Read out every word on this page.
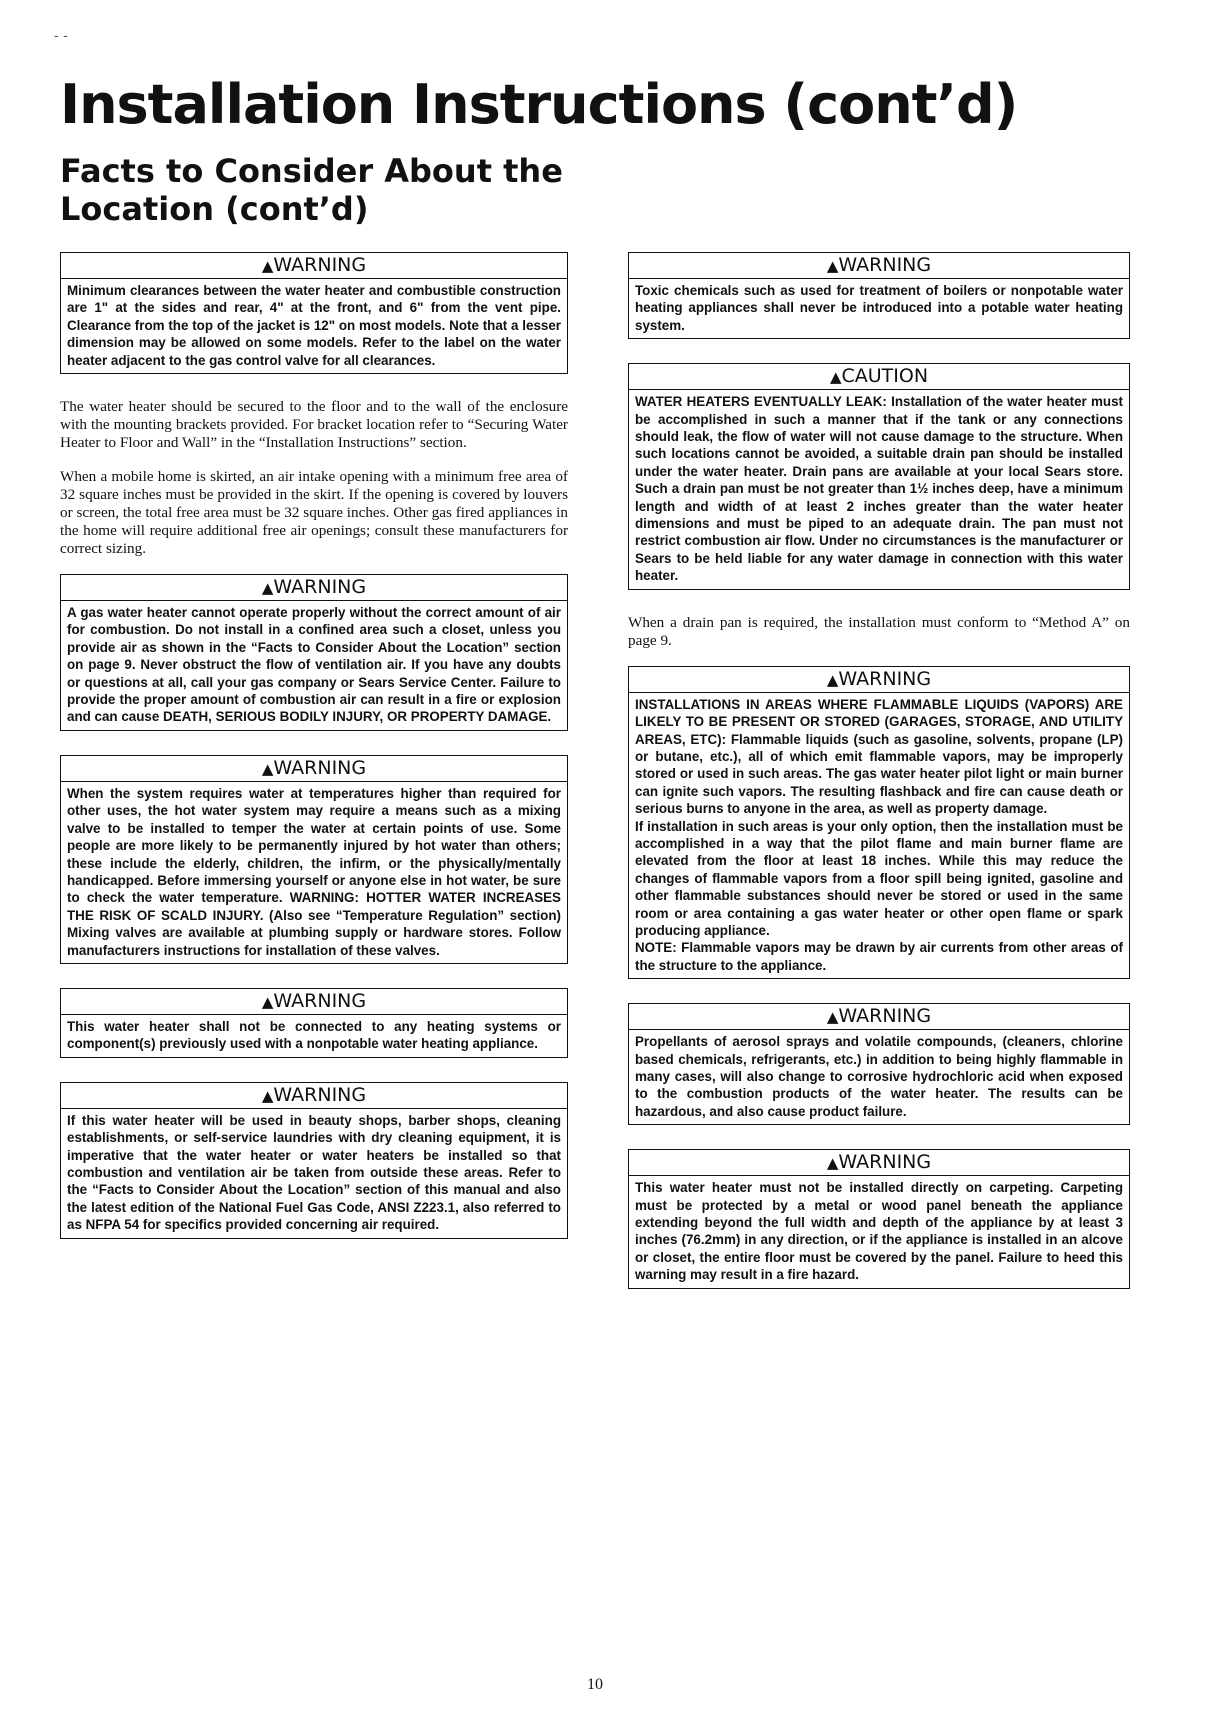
- -
Installation Instructions (cont’d)
Facts to Consider About the Location (cont’d)
▲WARNING

Minimum clearances between the water heater and combustible construction are 1" at the sides and rear, 4" at the front, and 6" from the vent pipe. Clearance from the top of the jacket is 12" on most models. Note that a lesser dimension may be allowed on some models. Refer to the label on the water heater adjacent to the gas control valve for all clearances.

The water heater should be secured to the floor and to the wall of the enclosure with the mounting brackets provided. For bracket location refer to “Securing Water Heater to Floor and Wall” in the “Installation Instructions” section.

When a mobile home is skirted, an air intake opening with a minimum free area of 32 square inches must be provided in the skirt. If the opening is covered by louvers or screen, the total free area must be 32 square inches. Other gas fired appliances in the home will require additional free air openings; consult these manufacturers for correct sizing.

▲WARNING

A gas water heater cannot operate properly without the correct amount of air for combustion. Do not install in a confined area such a closet, unless you provide air as shown in the “Facts to Consider About the Location” section on page 9. Never obstruct the flow of ventilation air. If you have any doubts or questions at all, call your gas company or Sears Service Center. Failure to provide the proper amount of combustion air can result in a fire or explosion and can cause DEATH, SERIOUS BODILY INJURY, OR PROPERTY DAMAGE.

▲WARNING

When the system requires water at temperatures higher than required for other uses, the hot water system may require a means such as a mixing valve to be installed to temper the water at certain points of use. Some people are more likely to be permanently injured by hot water than others; these include the elderly, children, the infirm, or the physically/mentally handicapped. Before immersing yourself or anyone else in hot water, be sure to check the water temperature. WARNING: HOTTER WATER INCREASES THE RISK OF SCALD INJURY. (Also see “Temperature Regulation” section) Mixing valves are available at plumbing supply or hardware stores. Follow manufacturers instructions for installation of these valves.

▲WARNING

This water heater shall not be connected to any heating systems or component(s) previously used with a nonpotable water heating appliance.

▲WARNING

If this water heater will be used in beauty shops, barber shops, cleaning establishments, or self-service laundries with dry cleaning equipment, it is imperative that the water heater or water heaters be installed so that combustion and ventilation air be taken from outside these areas. Refer to the “Facts to Consider About the Location” section of this manual and also the latest edition of the National Fuel Gas Code, ANSI Z223.1, also referred to as NFPA 54 for specifics provided concerning air required.

▲WARNING

Toxic chemicals such as used for treatment of boilers or nonpotable water heating appliances shall never be introduced into a potable water heating system.

▲CAUTION

WATER HEATERS EVENTUALLY LEAK: Installation of the water heater must be accomplished in such a manner that if the tank or any connections should leak, the flow of water will not cause damage to the structure. When such locations cannot be avoided, a suitable drain pan should be installed under the water heater. Drain pans are available at your local Sears store. Such a drain pan must be not greater than 1½ inches deep, have a minimum length and width of at least 2 inches greater than the water heater dimensions and must be piped to an adequate drain. The pan must not restrict combustion air flow. Under no circumstances is the manufacturer or Sears to be held liable for any water damage in connection with this water heater.

When a drain pan is required, the installation must conform to “Method A” on page 9.

▲WARNING

INSTALLATIONS IN AREAS WHERE FLAMMABLE LIQUIDS (VAPORS) ARE LIKELY TO BE PRESENT OR STORED (GARAGES, STORAGE, AND UTILITY AREAS, ETC): Flammable liquids (such as gasoline, solvents, propane (LP) or butane, etc.), all of which emit flammable vapors, may be improperly stored or used in such areas. The gas water heater pilot light or main burner can ignite such vapors. The resulting flashback and fire can cause death or serious burns to anyone in the area, as well as property damage.

If installation in such areas is your only option, then the installation must be accomplished in a way that the pilot flame and main burner flame are elevated from the floor at least 18 inches. While this may reduce the changes of flammable vapors from a floor spill being ignited, gasoline and other flammable substances should never be stored or used in the same room or area containing a gas water heater or other open flame or spark producing appliance.

NOTE: Flammable vapors may be drawn by air currents from other areas of the structure to the appliance.

▲WARNING

Propellants of aerosol sprays and volatile compounds, (cleaners, chlorine based chemicals, refrigerants, etc.) in addition to being highly flammable in many cases, will also change to corrosive hydrochloric acid when exposed to the combustion products of the water heater. The results can be hazardous, and also cause product failure.

▲WARNING

This water heater must not be installed directly on carpeting. Carpeting must be protected by a metal or wood panel beneath the appliance extending beyond the full width and depth of the appliance by at least 3 inches (76.2mm) in any direction, or if the appliance is installed in an alcove or closet, the entire floor must be covered by the panel. Failure to heed this warning may result in a fire hazard.

10
